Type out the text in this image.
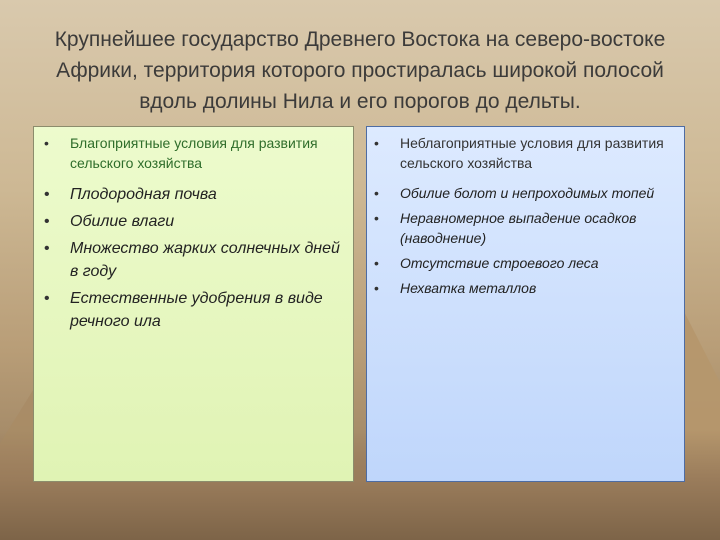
Крупнейшее государство Древнего Востока на северо-востоке Африки, территория которого простиралась широкой полосой вдоль долины Нила и его порогов до дельты.
• Благоприятные условия для развития сельского хозяйства
• Плодородная почва
• Обилие влаги
• Множество жарких солнечных дней в году
• Естественные удобрения в виде речного ила
• Неблагоприятные условия для развития сельского хозяйства
• Обилие болот и непроходимых топей
• Неравномерное выпадение осадков (наводнение)
• Отсутствие строевого леса
• Нехватка металлов
